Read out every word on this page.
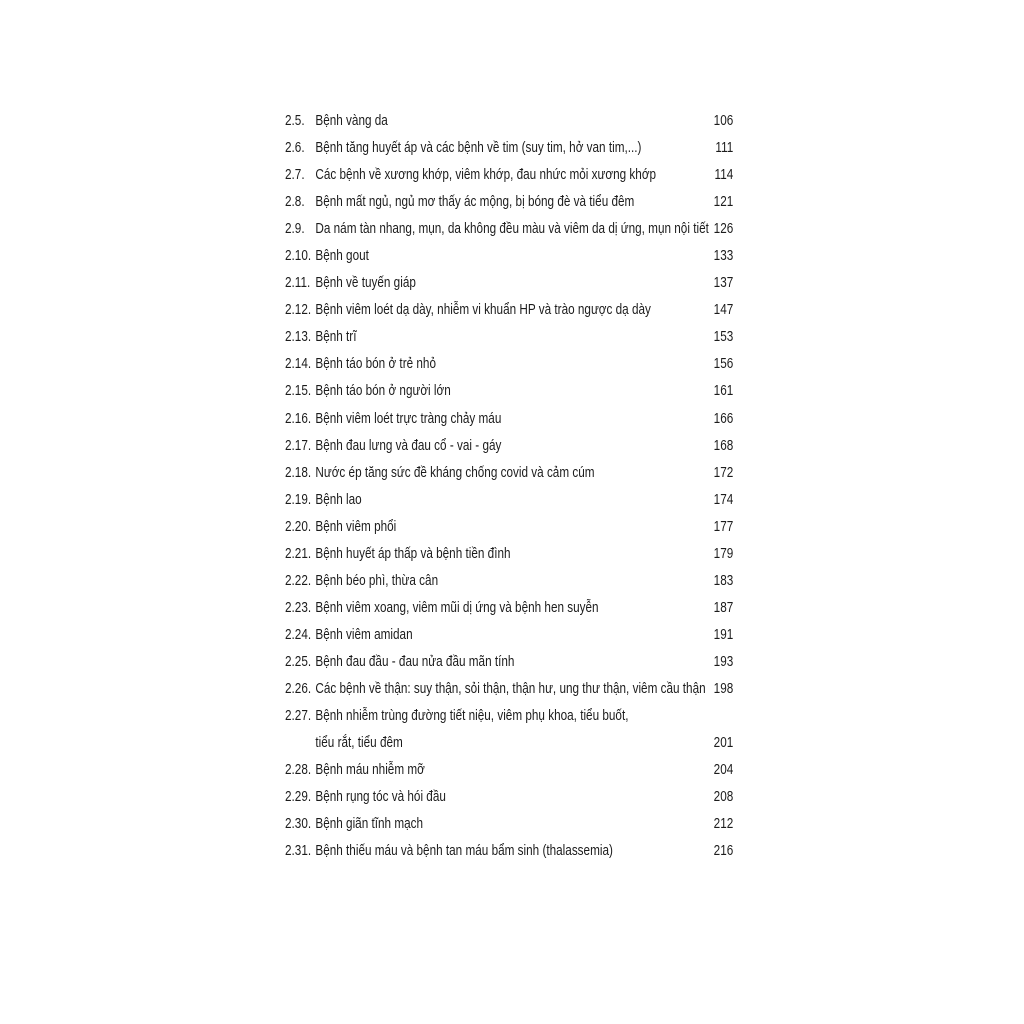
2.5. Bệnh vàng da	106
2.6. Bệnh tăng huyết áp và các bệnh về tim (suy tim, hở van tim,...)	111
2.7. Các bệnh về xương khớp, viêm khớp, đau nhức mỏi xương khớp	114
2.8. Bệnh mất ngủ, ngủ mơ thấy ác mộng, bị bóng đè và tiểu đêm	121
2.9. Da nám tàn nhang, mụn, da không đều màu và viêm da dị ứng, mụn nội tiết 126
2.10. Bệnh gout	133
2.11. Bệnh về tuyến giáp	137
2.12. Bệnh viêm loét dạ dày, nhiễm vi khuẩn HP và trào ngược dạ dày	147
2.13. Bệnh trĩ	153
2.14. Bệnh táo bón ở trẻ nhỏ	156
2.15. Bệnh táo bón ở người lớn	161
2.16. Bệnh viêm loét trực tràng chảy máu	166
2.17. Bệnh đau lưng và đau cổ - vai - gáy	168
2.18. Nước ép tăng sức đề kháng chống covid và cảm cúm	172
2.19. Bệnh lao	174
2.20. Bệnh viêm phổi	177
2.21. Bệnh huyết áp thấp và bệnh tiền đình	179
2.22. Bệnh béo phì, thừa cân	183
2.23. Bệnh viêm xoang, viêm mũi dị ứng và bệnh hen suyễn	187
2.24. Bệnh viêm amidan	191
2.25. Bệnh đau đầu - đau nửa đầu mãn tính	193
2.26. Các bệnh về thận: suy thận, sỏi thận, thận hư, ung thư thận, viêm cầu thận 198
2.27. Bệnh nhiễm trùng đường tiết niệu, viêm phụ khoa, tiểu buốt,
tiểu rắt, tiểu đêm	201
2.28. Bệnh máu nhiễm mỡ	204
2.29. Bệnh rụng tóc và hói đầu	208
2.30. Bệnh giãn tĩnh mạch	212
2.31. Bệnh thiếu máu và bệnh tan máu bẩm sinh (thalassemia)	216
